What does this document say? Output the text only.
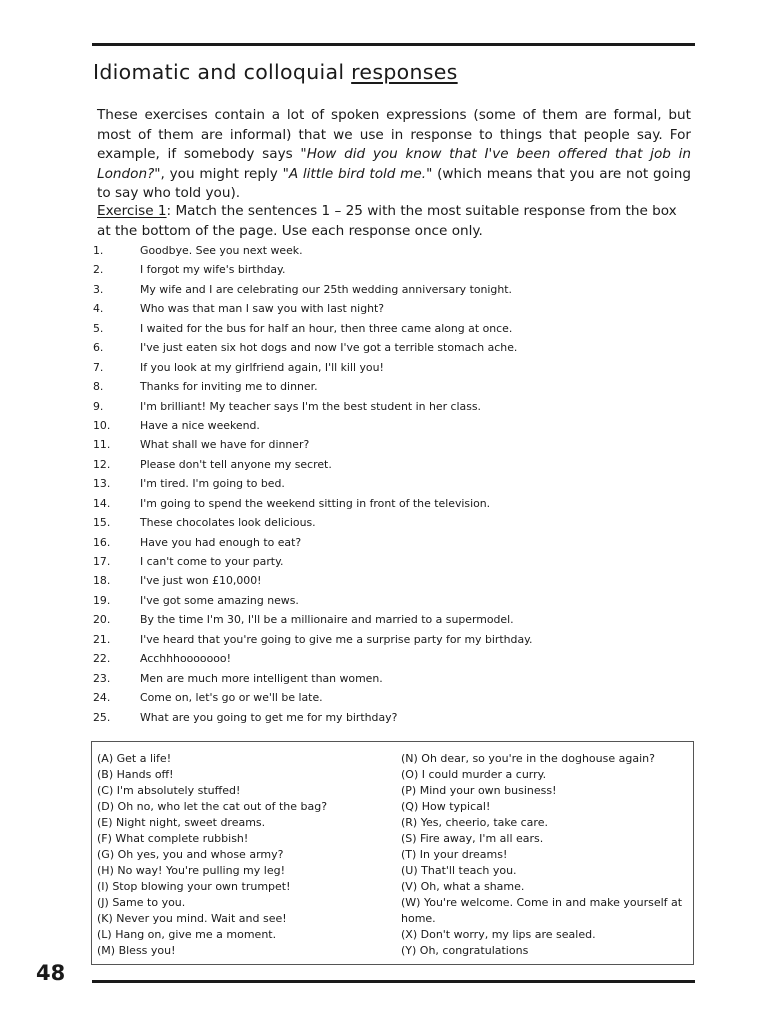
Idiomatic and colloquial responses

These exercises contain a lot of spoken expressions (some of them are formal, but most of them are informal) that we use in response to things that people say. For example, if somebody says "How did you know that I've been offered that job in London?", you might reply "A little bird told me." (which means that you are not going to say who told you).

Exercise 1: Match the sentences 1 – 25 with the most suitable response from the box at the bottom of the page. Use each response once only.

1.	Goodbye. See you next week.
2.	I forgot my wife's birthday.
3.	My wife and I are celebrating our 25th wedding anniversary tonight.
4.	Who was that man I saw you with last night?
5.	I waited for the bus for half an hour, then three came along at once.
6.	I've just eaten six hot dogs and now I've got a terrible stomach ache.
7.	If you look at my girlfriend again, I'll kill you!
8.	Thanks for inviting me to dinner.
9.	I'm brilliant! My teacher says I'm the best student in her class.
10.	Have a nice weekend.
11.	What shall we have for dinner?
12.	Please don't tell anyone my secret.
13.	I'm tired. I'm going to bed.
14.	I'm going to spend the weekend sitting in front of the television.
15.	These chocolates look delicious.
16.	Have you had enough to eat?
17.	I can't come to your party.
18.	I've just won £10,000!
19.	I've got some amazing news.
20.	By the time I'm 30, I'll be a millionaire and married to a supermodel.
21.	I've heard that you're going to give me a surprise party for my birthday.
22.	Acchhhooooooo!
23.	Men are much more intelligent than women.
24.	Come on, let's go or we'll be late.
25.	What are you going to get me for my birthday?
(A) Get a life!
(B) Hands off!
(C) I'm absolutely stuffed!
(D) Oh no, who let the cat out of the bag?
(E) Night night, sweet dreams.
(F) What complete rubbish!
(G) Oh yes, you and whose army?
(H) No way! You're pulling my leg!
(I) Stop blowing your own trumpet!
(J) Same to you.
(K) Never you mind. Wait and see!
(L) Hang on, give me a moment.
(M) Bless you!
(N) Oh dear, so you're in the doghouse again?
(O) I could murder a curry.
(P) Mind your own business!
(Q) How typical!
(R) Yes, cheerio, take care.
(S) Fire away, I'm all ears.
(T) In your dreams!
(U) That'll teach you.
(V) Oh, what a shame.
(W) You're welcome. Come in and make yourself at home.
(X) Don't worry, my lips are sealed.
(Y) Oh, congratulations
48
